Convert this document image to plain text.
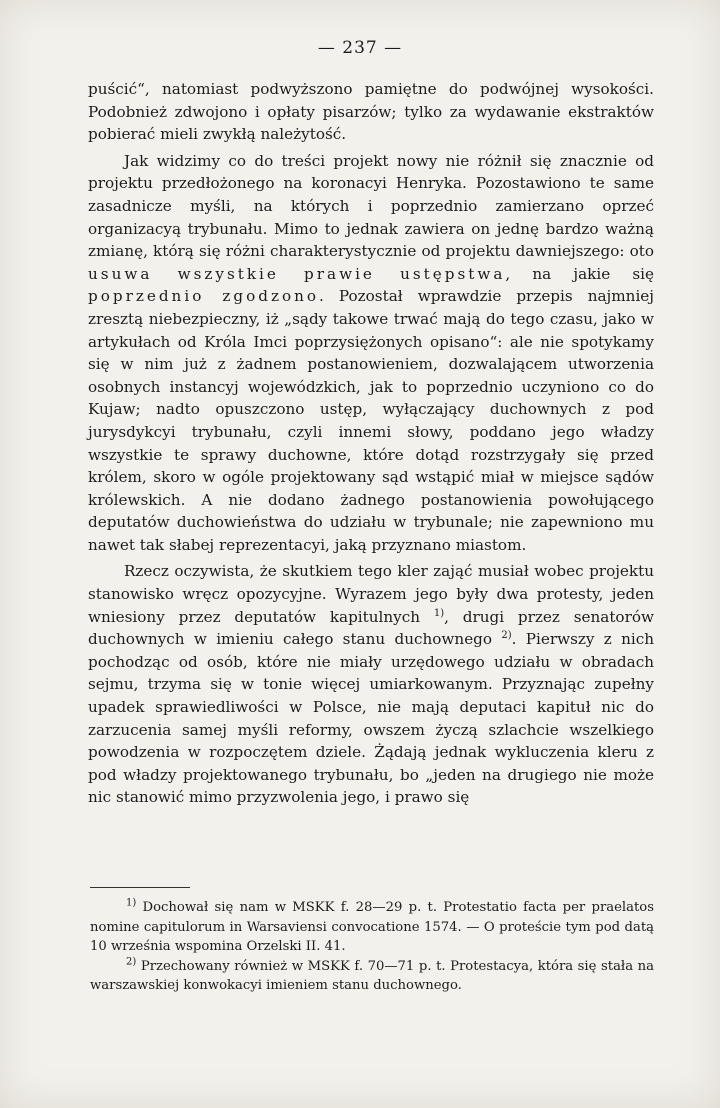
— 237 —

puścić“, natomiast podwyższono pamiętne do podwójnej wysokości. Podobnież zdwojono i opłaty pisarzów; tylko za wydawanie ekstraktów pobierać mieli zwykłą należytość.

Jak widzimy co do treści projekt nowy nie różnił się znacznie od projektu przedłożonego na koronacyi Henryka. Pozostawiono te same zasadnicze myśli, na których i poprzednio zamierzano oprzeć organizacyą trybunału. Mimo to jednak zawiera on jednę bardzo ważną zmianę, którą się różni charakterystycznie od projektu dawniejszego: oto usuwa wszystkie prawie ustępstwa, na jakie się poprzednio zgodzono. Pozostał wprawdzie przepis najmniej zresztą niebezpieczny, iż „sądy takowe trwać mają do tego czasu, jako w artykułach od Króla Imci poprzysiężonych opisano“: ale nie spotykamy się w nim już z żadnem postanowieniem, dozwalającem utworzenia osobnych instancyj wojewódzkich, jak to poprzednio uczyniono co do Kujaw; nadto opuszczono ustęp, wyłączający duchownych z pod jurysdykcyi trybunału, czyli innemi słowy, poddano jego władzy wszystkie te sprawy duchowne, które dotąd rozstrzygały się przed królem, skoro w ogóle projektowany sąd wstąpić miał w miejsce sądów królewskich. A nie dodano żadnego postanowienia powołującego deputatów duchowieństwa do udziału w trybunale; nie zapewniono mu nawet tak słabej reprezentacyi, jaką przyznano miastom.

Rzecz oczywista, że skutkiem tego kler zająć musiał wobec projektu stanowisko wręcz opozycyjne. Wyrazem jego były dwa protesty, jeden wniesiony przez deputatów kapitulnych $^{1)}$, drugi przez senatorów duchownych w imieniu całego stanu duchownego $^{2)}$. Pierwszy z nich pochodząc od osób, które nie miały urzędowego udziału w obradach sejmu, trzyma się w tonie więcej umiarkowanym. Przyznając zupełny upadek sprawiedliwości w Polsce, nie mają deputaci kapituł nic do zarzucenia samej myśli reformy, owszem życzą szlachcie wszelkiego powodzenia w rozpoczętem dziele. Żądają jednak wykluczenia kleru z pod władzy projektowanego trybunału, bo „jeden na drugiego nie może nic stanowić mimo przyzwolenia jego, i prawo się

$^{1)}$ Dochował się nam w MSKK f. 28—29 p. t. Protestatio facta per praelatos nomine capitulorum in Warsaviensi convocatione 1574. — O proteście tym pod datą 10 września wspomina Orzelski II. 41.

$^{2)}$ Przechowany również w MSKK f. 70—71 p. t. Protestacya, która się stała na warszawskiej konwokacyi imieniem stanu duchownego.
